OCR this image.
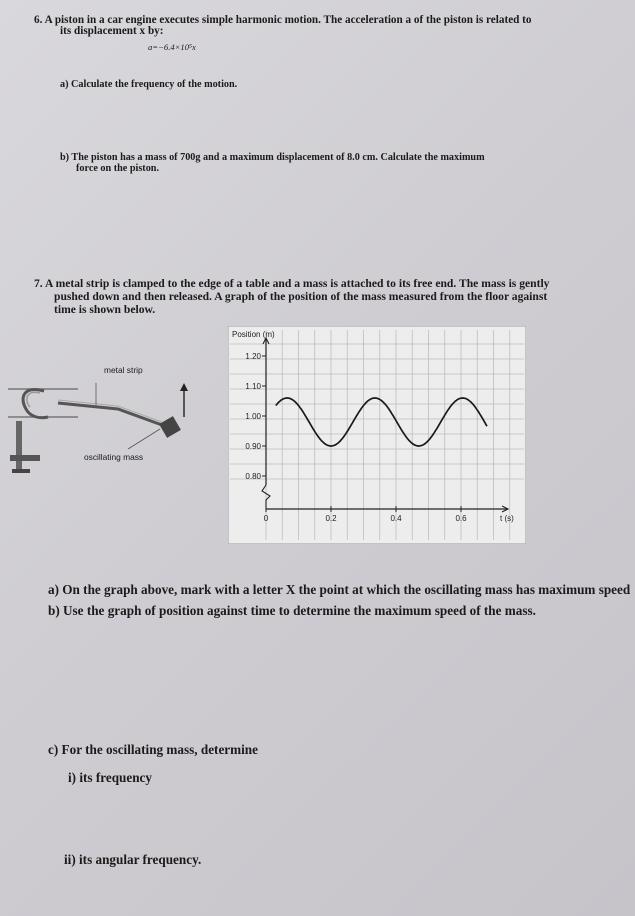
6. A piston in a car engine executes simple harmonic motion. The acceleration a of the piston is related to
its displacement x by:
a=−6.4×10⁵x
a) Calculate the frequency of the motion.
b) The piston has a mass of 700g and a maximum displacement of 8.0 cm. Calculate the maximum
force on the piston.
7. A metal strip is clamped to the edge of a table and a mass is attached to its free end. The mass is gently
pushed down and then released. A graph of the position of the mass measured from the floor against
time is shown below.
metal strip
oscillating mass
1.20
1.10
1.00
0.90
0.80
0	0.2	0.4	0.6
Position (m)
t (s)
a) On the graph above, mark with a letter X the point at which the oscillating mass has maximum speed
b) Use the graph of position against time to determine the maximum speed of the mass.
c) For the oscillating mass, determine
i) its frequency
ii) its angular frequency.
